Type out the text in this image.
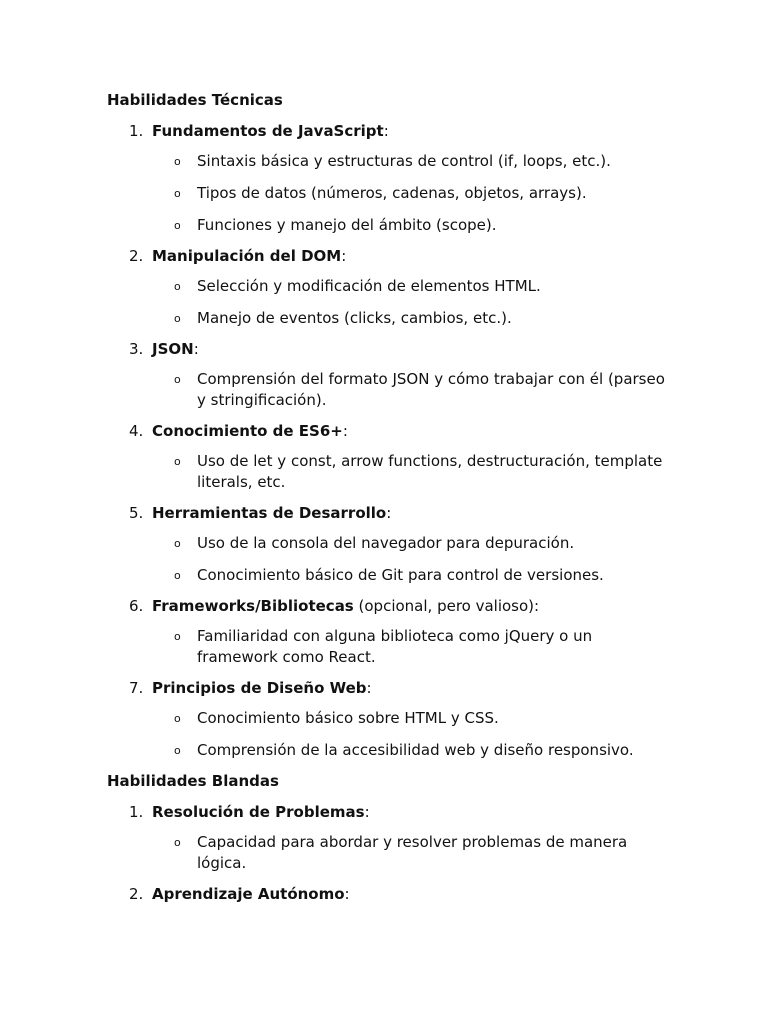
Habilidades Técnicas
1. Fundamentos de JavaScript:
o Sintaxis básica y estructuras de control (if, loops, etc.).
o Tipos de datos (números, cadenas, objetos, arrays).
o Funciones y manejo del ámbito (scope).
2. Manipulación del DOM:
o Selección y modificación de elementos HTML.
o Manejo de eventos (clicks, cambios, etc.).
3. JSON:
o Comprensión del formato JSON y cómo trabajar con él (parseo y stringificación).
4. Conocimiento de ES6+:
o Uso de let y const, arrow functions, destructuración, template literals, etc.
5. Herramientas de Desarrollo:
o Uso de la consola del navegador para depuración.
o Conocimiento básico de Git para control de versiones.
6. Frameworks/Bibliotecas (opcional, pero valioso):
o Familiaridad con alguna biblioteca como jQuery o un framework como React.
7. Principios de Diseño Web:
o Conocimiento básico sobre HTML y CSS.
o Comprensión de la accesibilidad web y diseño responsivo.
Habilidades Blandas
1. Resolución de Problemas:
o Capacidad para abordar y resolver problemas de manera lógica.
2. Aprendizaje Autónomo:
